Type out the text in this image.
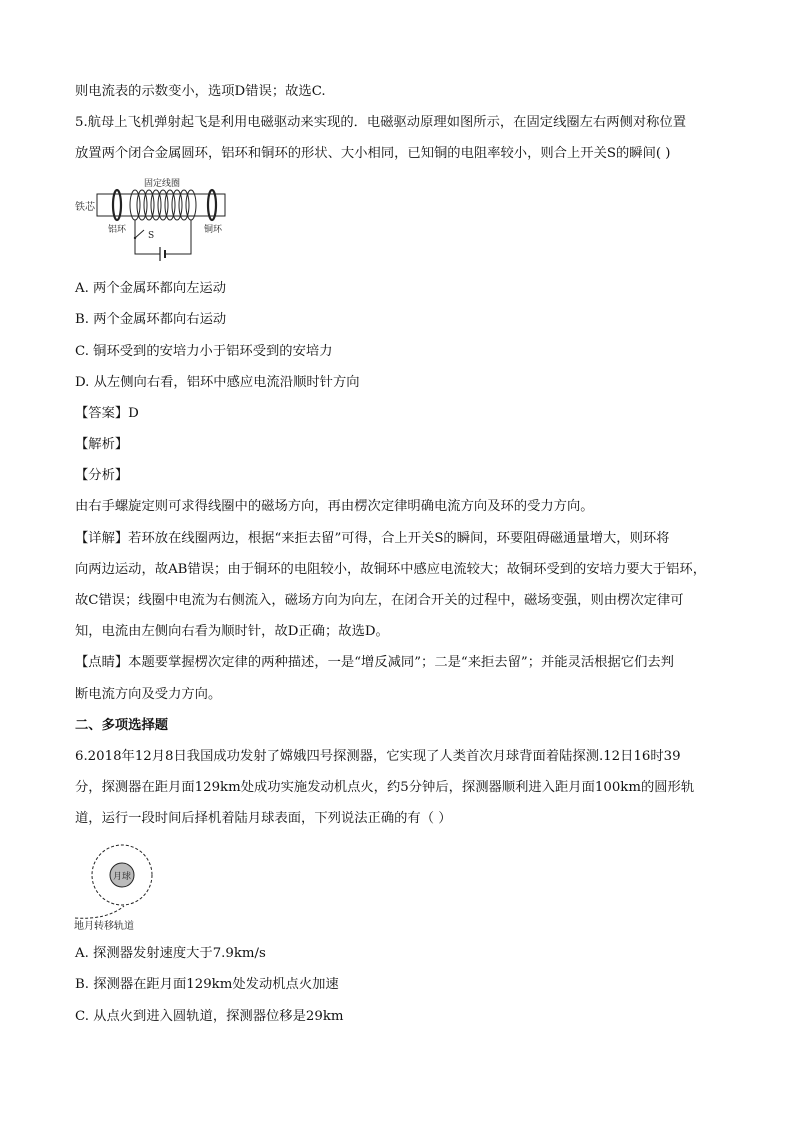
则电流表的示数变小，选项D错误；故选C.
5.航母上飞机弹射起飞是利用电磁驱动来实现的．电磁驱动原理如图所示，在固定线圈左右两侧对称位置
放置两个闭合金属圆环，铝环和铜环的形状、大小相同，已知铜的电阻率较小，则合上开关S的瞬间( )
铁芯
固定线圈
铝环	铜环
S
A. 两个金属环都向左运动
B. 两个金属环都向右运动
C. 铜环受到的安培力小于铝环受到的安培力
D. 从左侧向右看，铝环中感应电流沿顺时针方向
【答案】D
【解析】
【分析】
由右手螺旋定则可求得线圈中的磁场方向，再由楞次定律明确电流方向及环的受力方向。
【详解】若环放在线圈两边，根据“来拒去留”可得，合上开关S的瞬间，环要阻碍磁通量增大，则环将
向两边运动，故AB错误；由于铜环的电阻较小，故铜环中感应电流较大；故铜环受到的安培力要大于铝环，
故C错误；线圈中电流为右侧流入，磁场方向为向左，在闭合开关的过程中，磁场变强，则由楞次定律可
知，电流由左侧向右看为顺时针，故D正确；故选D。
【点睛】本题要掌握楞次定律的两种描述，一是“增反减同”；二是“来拒去留”；并能灵活根据它们去判
断电流方向及受力方向。
二、多项选择题
6.2018年12月8日我国成功发射了嫦娥四号探测器，它实现了人类首次月球背面着陆探测.12日16时39
分，探测器在距月面129km处成功实施发动机点火，约5分钟后，探测器顺利进入距月面100km的圆形轨
道，运行一段时间后择机着陆月球表面，下列说法正确的有（ ）
月球
地月转移轨道
A. 探测器发射速度大于7.9km/s
B. 探测器在距月面129km处发动机点火加速
C. 从点火到进入圆轨道，探测器位移是29km
